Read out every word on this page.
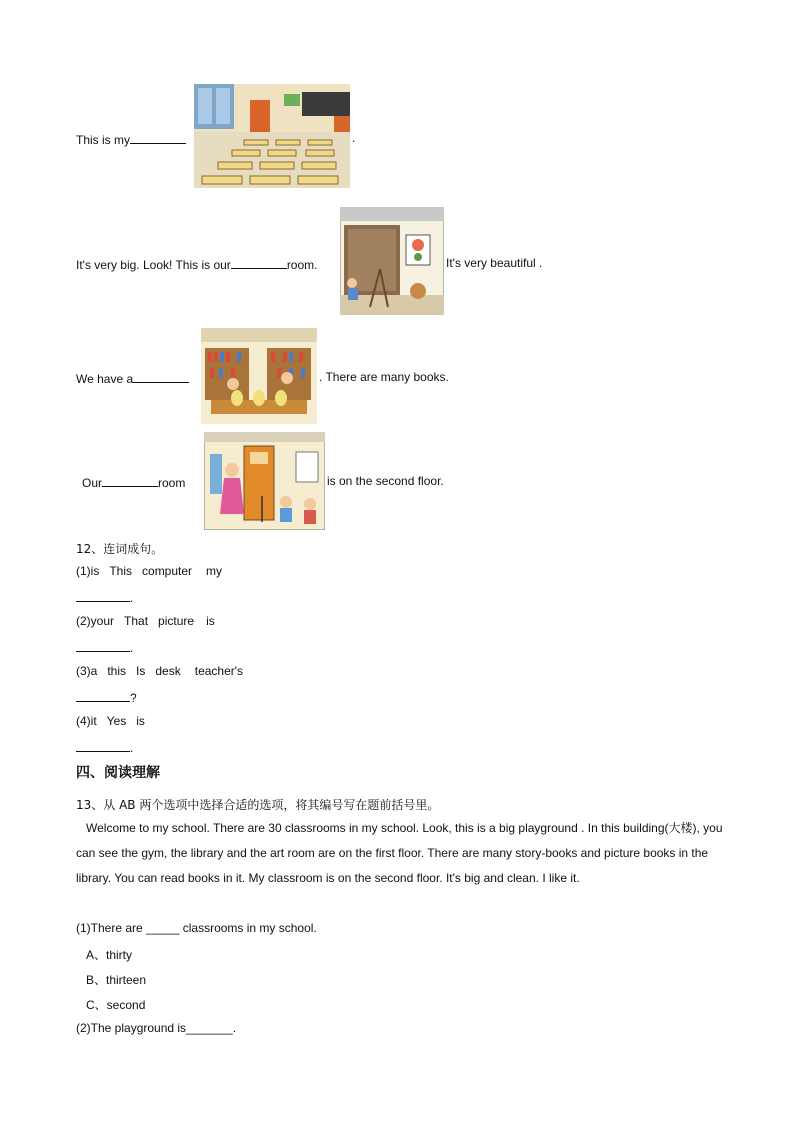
This is my	.
It's very big. Look! This is our	room.	It's very beautiful .
We have a	. There are many books.
Our	room	is on the second floor.
12、连词成句。
(1)is This computer my
.
(2)your That picture is
.
(3)a this Is desk teacher's
?
(4)it Yes is
.
四、阅读理解
13、从 AB 两个选项中选择合适的选项，将其编号写在题前括号里。
Welcome to my school. There are 30 classrooms in my school. Look, this is a big playground . In this building(大楼), you can see the gym, the library and the art room are on the first floor. There are many story-books and picture books in the library. You can read books in it. My classroom is on the second floor. It's big and clean. I like it.
(1)There are _____ classrooms in my school.
A、thirty
B、thirteen
C、second
(2)The playground is_______.
